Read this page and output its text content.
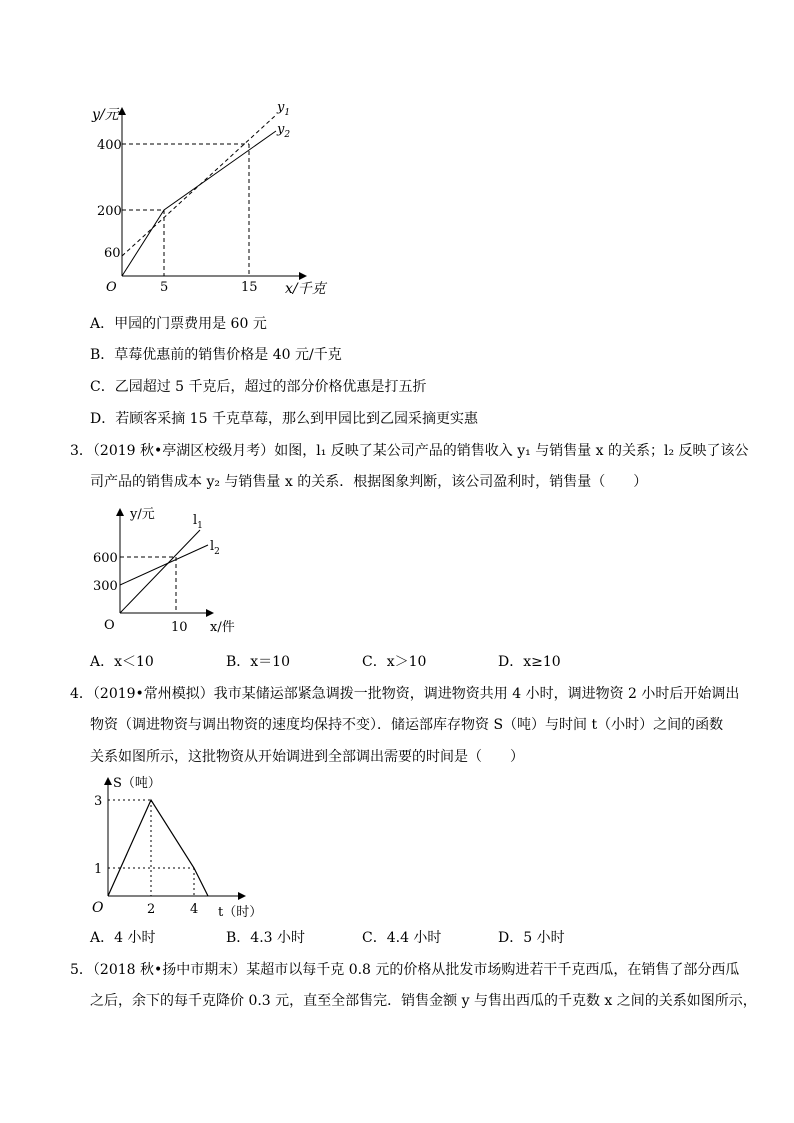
y/元	$y_1$
$y_2$
400
200
60
O	5	15 x/千克
A．甲园的门票费用是 60 元
B．草莓优惠前的销售价格是 40 元/千克
C．乙园超过 5 千克后，超过的部分价格优惠是打五折
D．若顾客采摘 15 千克草莓，那么到甲园比到乙园采摘更实惠
3．（2019 秋•亭湖区校级月考）如图，l₁ 反映了某公司产品的销售收入 y₁ 与销售量 x 的关系；l₂ 反映了该公
司产品的销售成本 y₂ 与销售量 x 的关系．根据图象判断，该公司盈利时，销售量（　　）
y/元	$l_1$
$l_2$
600
300
O	10 x/件
A．x＜10	B．x＝10	C．x＞10	D．x≥10
4．（2019•常州模拟）我市某储运部紧急调拨一批物资，调进物资共用 4 小时，调进物资 2 小时后开始调出
物资（调进物资与调出物资的速度均保持不变）．储运部库存物资 S（吨）与时间 t（小时）之间的函数
关系如图所示，这批物资从开始调进到全部调出需要的时间是（　　）
S（吨）
3
1
O	2	4 t（时）
A．4 小时	B．4.3 小时	C．4.4 小时	D．5 小时
5．（2018 秋•扬中市期末）某超市以每千克 0.8 元的价格从批发市场购进若干千克西瓜，在销售了部分西瓜
之后，余下的每千克降价 0.3 元，直至全部售完．销售金额 y 与售出西瓜的千克数 x 之间的关系如图所示，
